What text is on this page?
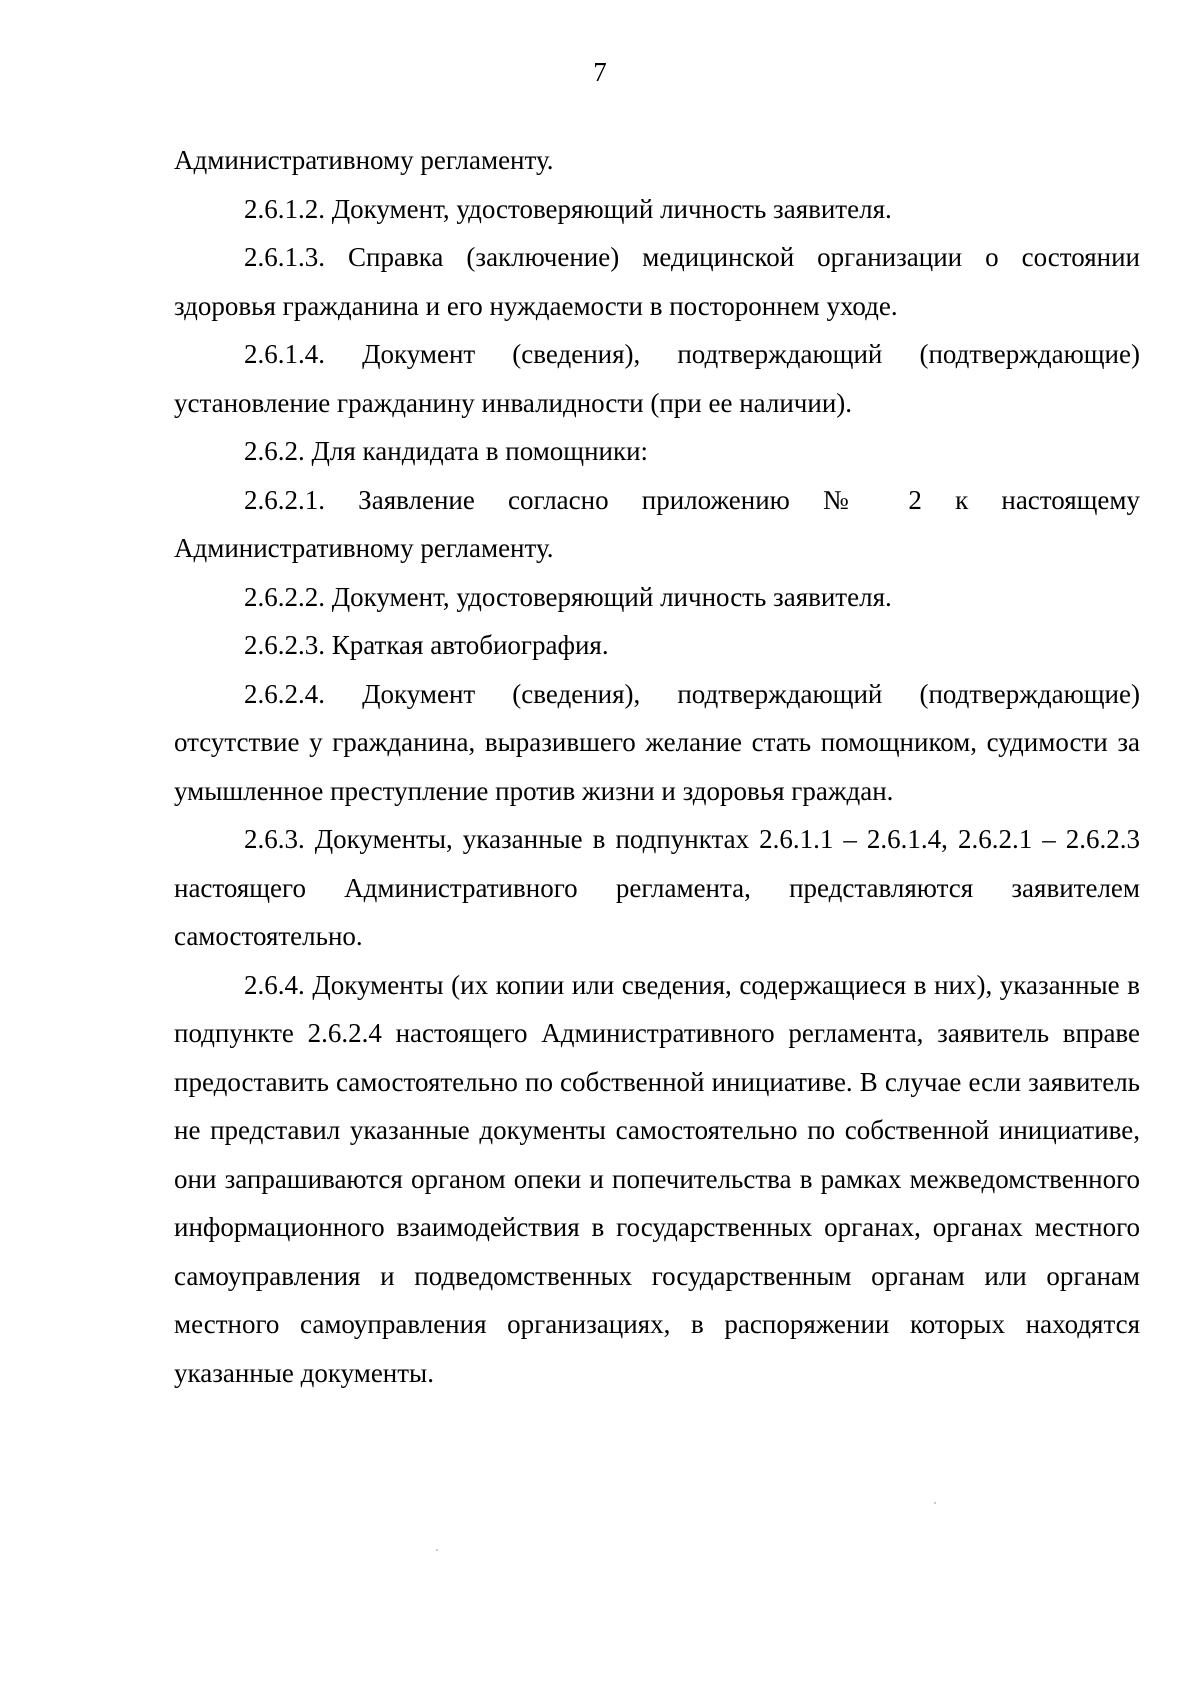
7

Административному регламенту.

2.6.1.2. Документ, удостоверяющий личность заявителя.

2.6.1.3. Справка (заключение) медицинской организации о состоянии здоровья гражданина и его нуждаемости в постороннем уходе.

2.6.1.4. Документ (сведения), подтверждающий (подтверждающие) установление гражданину инвалидности (при ее наличии).

2.6.2. Для кандидата в помощники:

2.6.2.1. Заявление согласно приложению № 2 к настоящему Административному регламенту.

2.6.2.2. Документ, удостоверяющий личность заявителя.

2.6.2.3. Краткая автобиография.

2.6.2.4. Документ (сведения), подтверждающий (подтверждающие) отсутствие у гражданина, выразившего желание стать помощником, судимости за умышленное преступление против жизни и здоровья граждан.

2.6.3. Документы, указанные в подпунктах 2.6.1.1 – 2.6.1.4, 2.6.2.1 – 2.6.2.3 настоящего Административного регламента, представляются заявителем самостоятельно.

2.6.4. Документы (их копии или сведения, содержащиеся в них), указанные в подпункте 2.6.2.4 настоящего Административного регламента, заявитель вправе предоставить самостоятельно по собственной инициативе. В случае если заявитель не представил указанные документы самостоятельно по собственной инициативе, они запрашиваются органом опеки и попечительства в рамках межведомственного информационного взаимодействия в государственных органах, органах местного самоуправления и подведомственных государственным органам или органам местного самоуправления организациях, в распоряжении которых находятся указанные документы.
